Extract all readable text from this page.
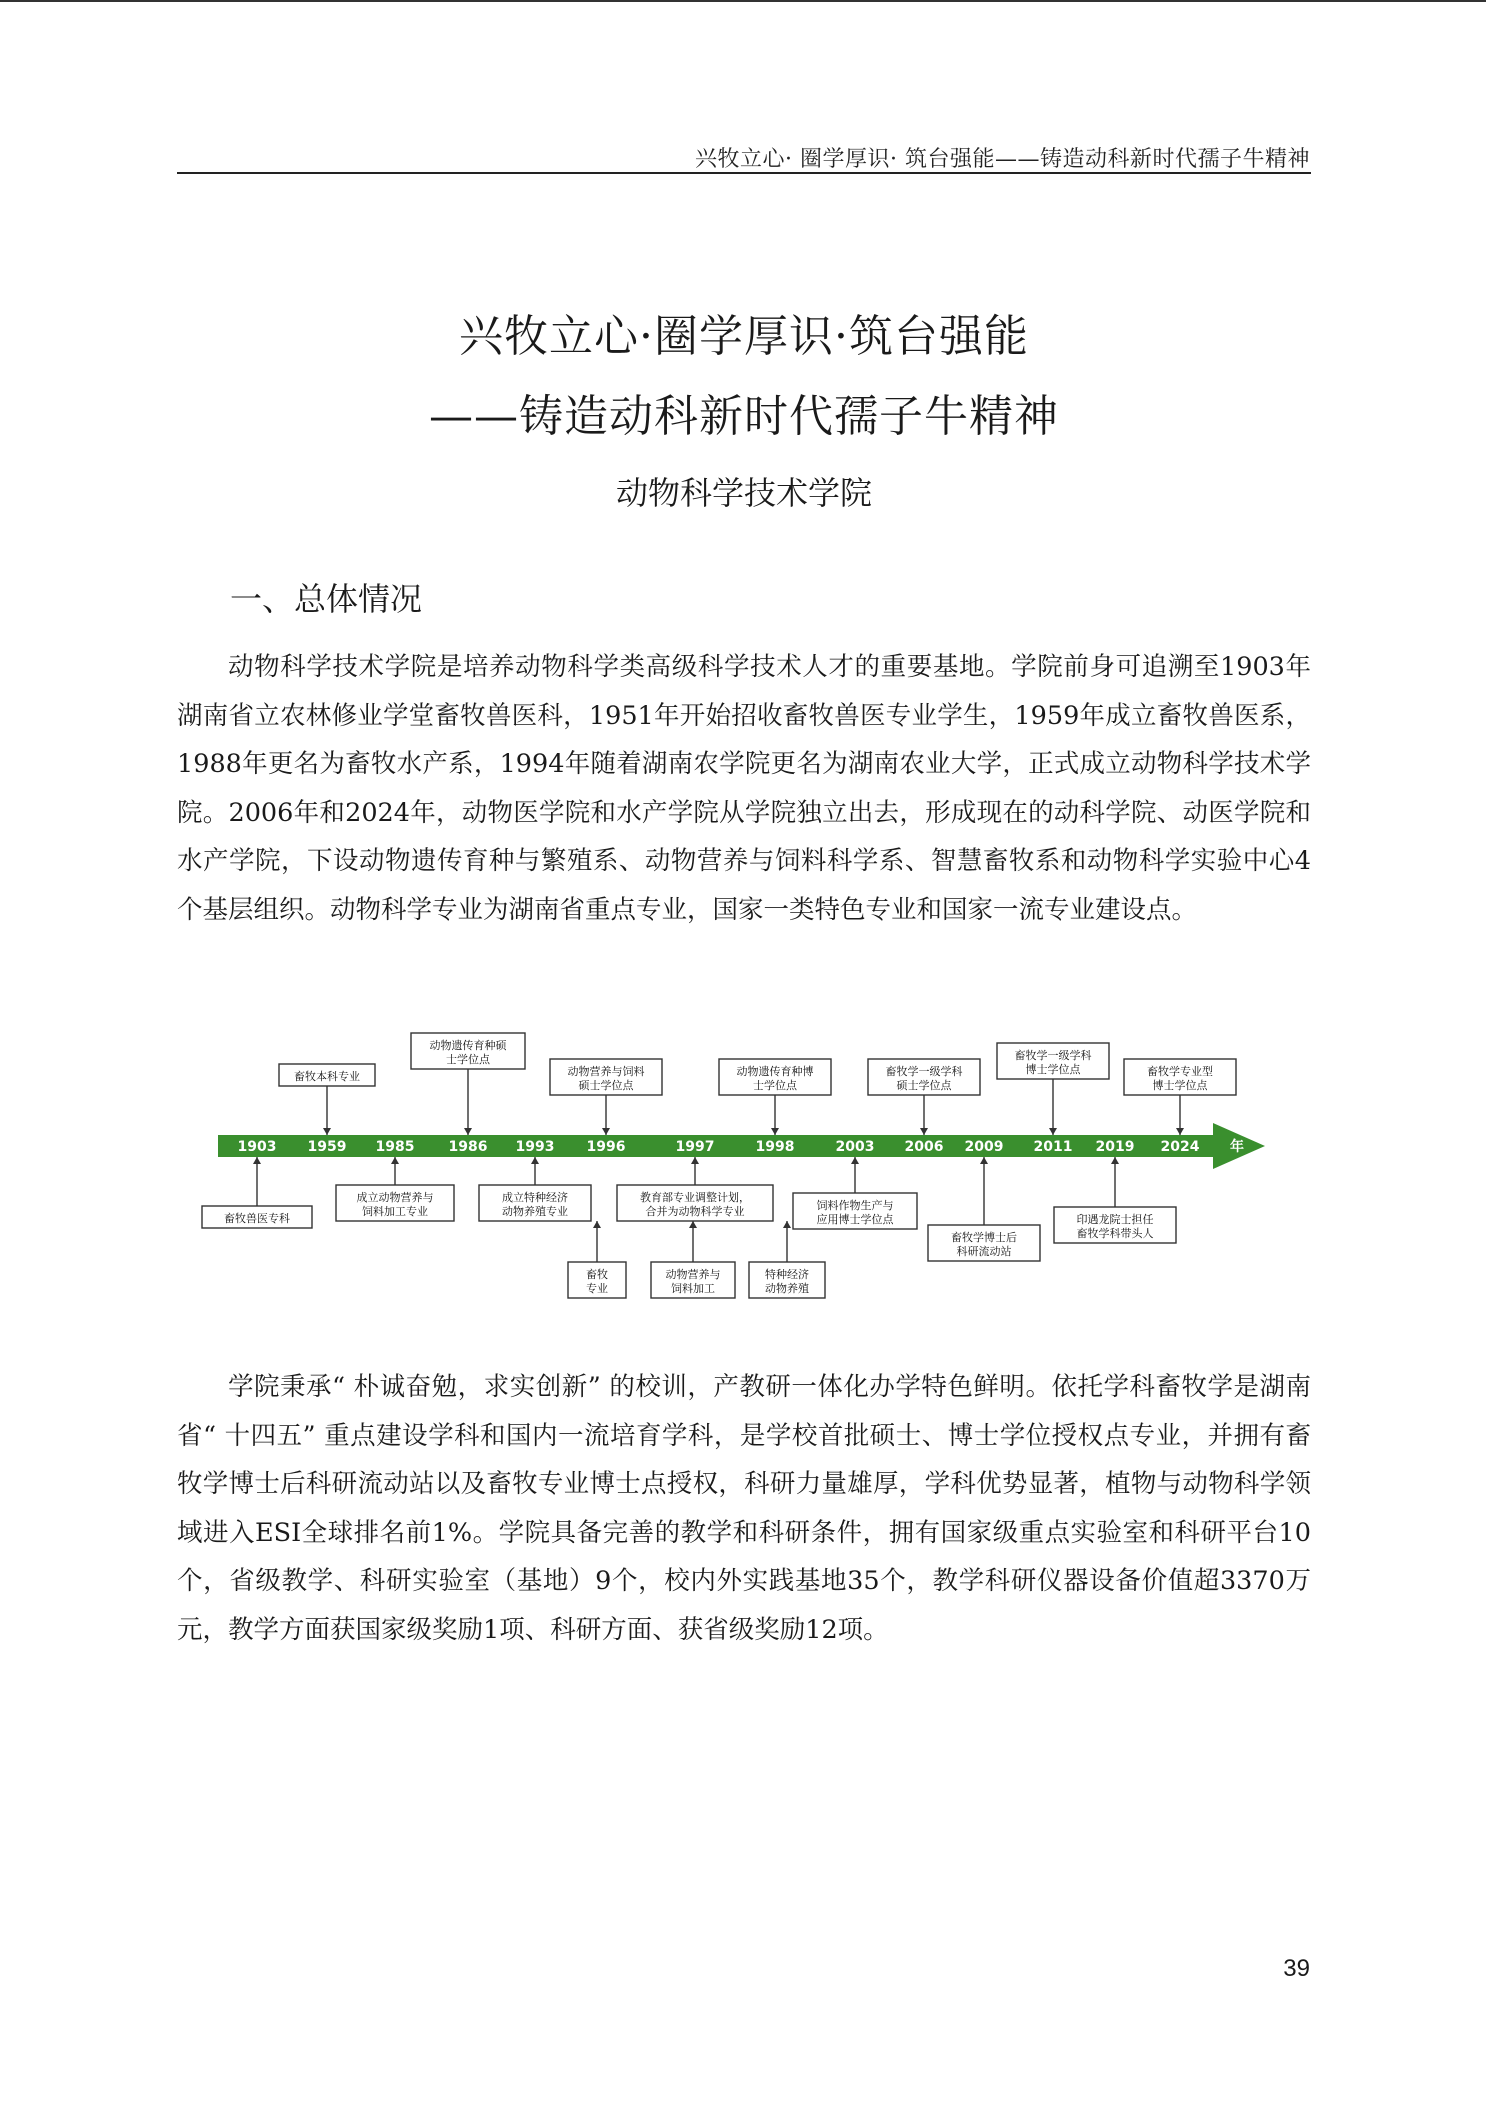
兴牧立心· 圈学厚识· 筑台强能——铸造动科新时代孺子牛精神
兴牧立心·圈学厚识·筑台强能
——铸造动科新时代孺子牛精神
动物科学技术学院
一、总体情况

动物科学技术学院是培养动物科学类高级科学技术人才的重要基地。学院前身可追溯至1903年湖南省立农林修业学堂畜牧兽医科，1951年开始招收畜牧兽医专业学生，1959年成立畜牧兽医系，1988年更名为畜牧水产系，1994年随着湖南农学院更名为湖南农业大学，正式成立动物科学技术学院。2006年和2024年，动物医学院和水产学院从学院独立出去，形成现在的动科学院、动医学院和水产学院，下设动物遗传育种与繁殖系、动物营养与饲料科学系、智慧畜牧系和动物科学实验中心4个基层组织。动物科学专业为湖南省重点专业，国家一类特色专业和国家一流专业建设点。

1903 1959 1985 1986 1993 1996	1997	1998	2003 2006 2009 2011 2019 2024 年
畜牧本科专业
动物遗传育种硕
士学位点
动物营养与饲料
硕士学位点
动物遗传育种博
士学位点
畜牧学一级学科
硕士学位点
畜牧学一级学科
博士学位点	畜牧学专业型
博士学位点
畜牧兽医专科
成立动物营养与
饲料加工专业
成立特种经济
动物养殖专业
教育部专业调整计划，
合并为动物科学专业	饲料作物生产与
应用博士学位点
畜牧学博士后
科研流动站
印遇龙院士担任
畜牧学科带头人
畜牧
专业
动物营养与
饲料加工
特种经济
动物养殖

学院秉承“ 朴诚奋勉，求实创新” 的校训，产教研一体化办学特色鲜明。依托学科畜牧学是湖南省“ 十四五” 重点建设学科和国内一流培育学科，是学校首批硕士、博士学位授权点专业，并拥有畜牧学博士后科研流动站以及畜牧专业博士点授权，科研力量雄厚，学科优势显著，植物与动物科学领域进入ESI全球排名前1%。学院具备完善的教学和科研条件，拥有国家级重点实验室和科研平台10个，省级教学、科研实验室（基地）9个，校内外实践基地35个，教学科研仪器设备价值超3370万元，教学方面获国家级奖励1项、科研方面、获省级奖励12项。

39
